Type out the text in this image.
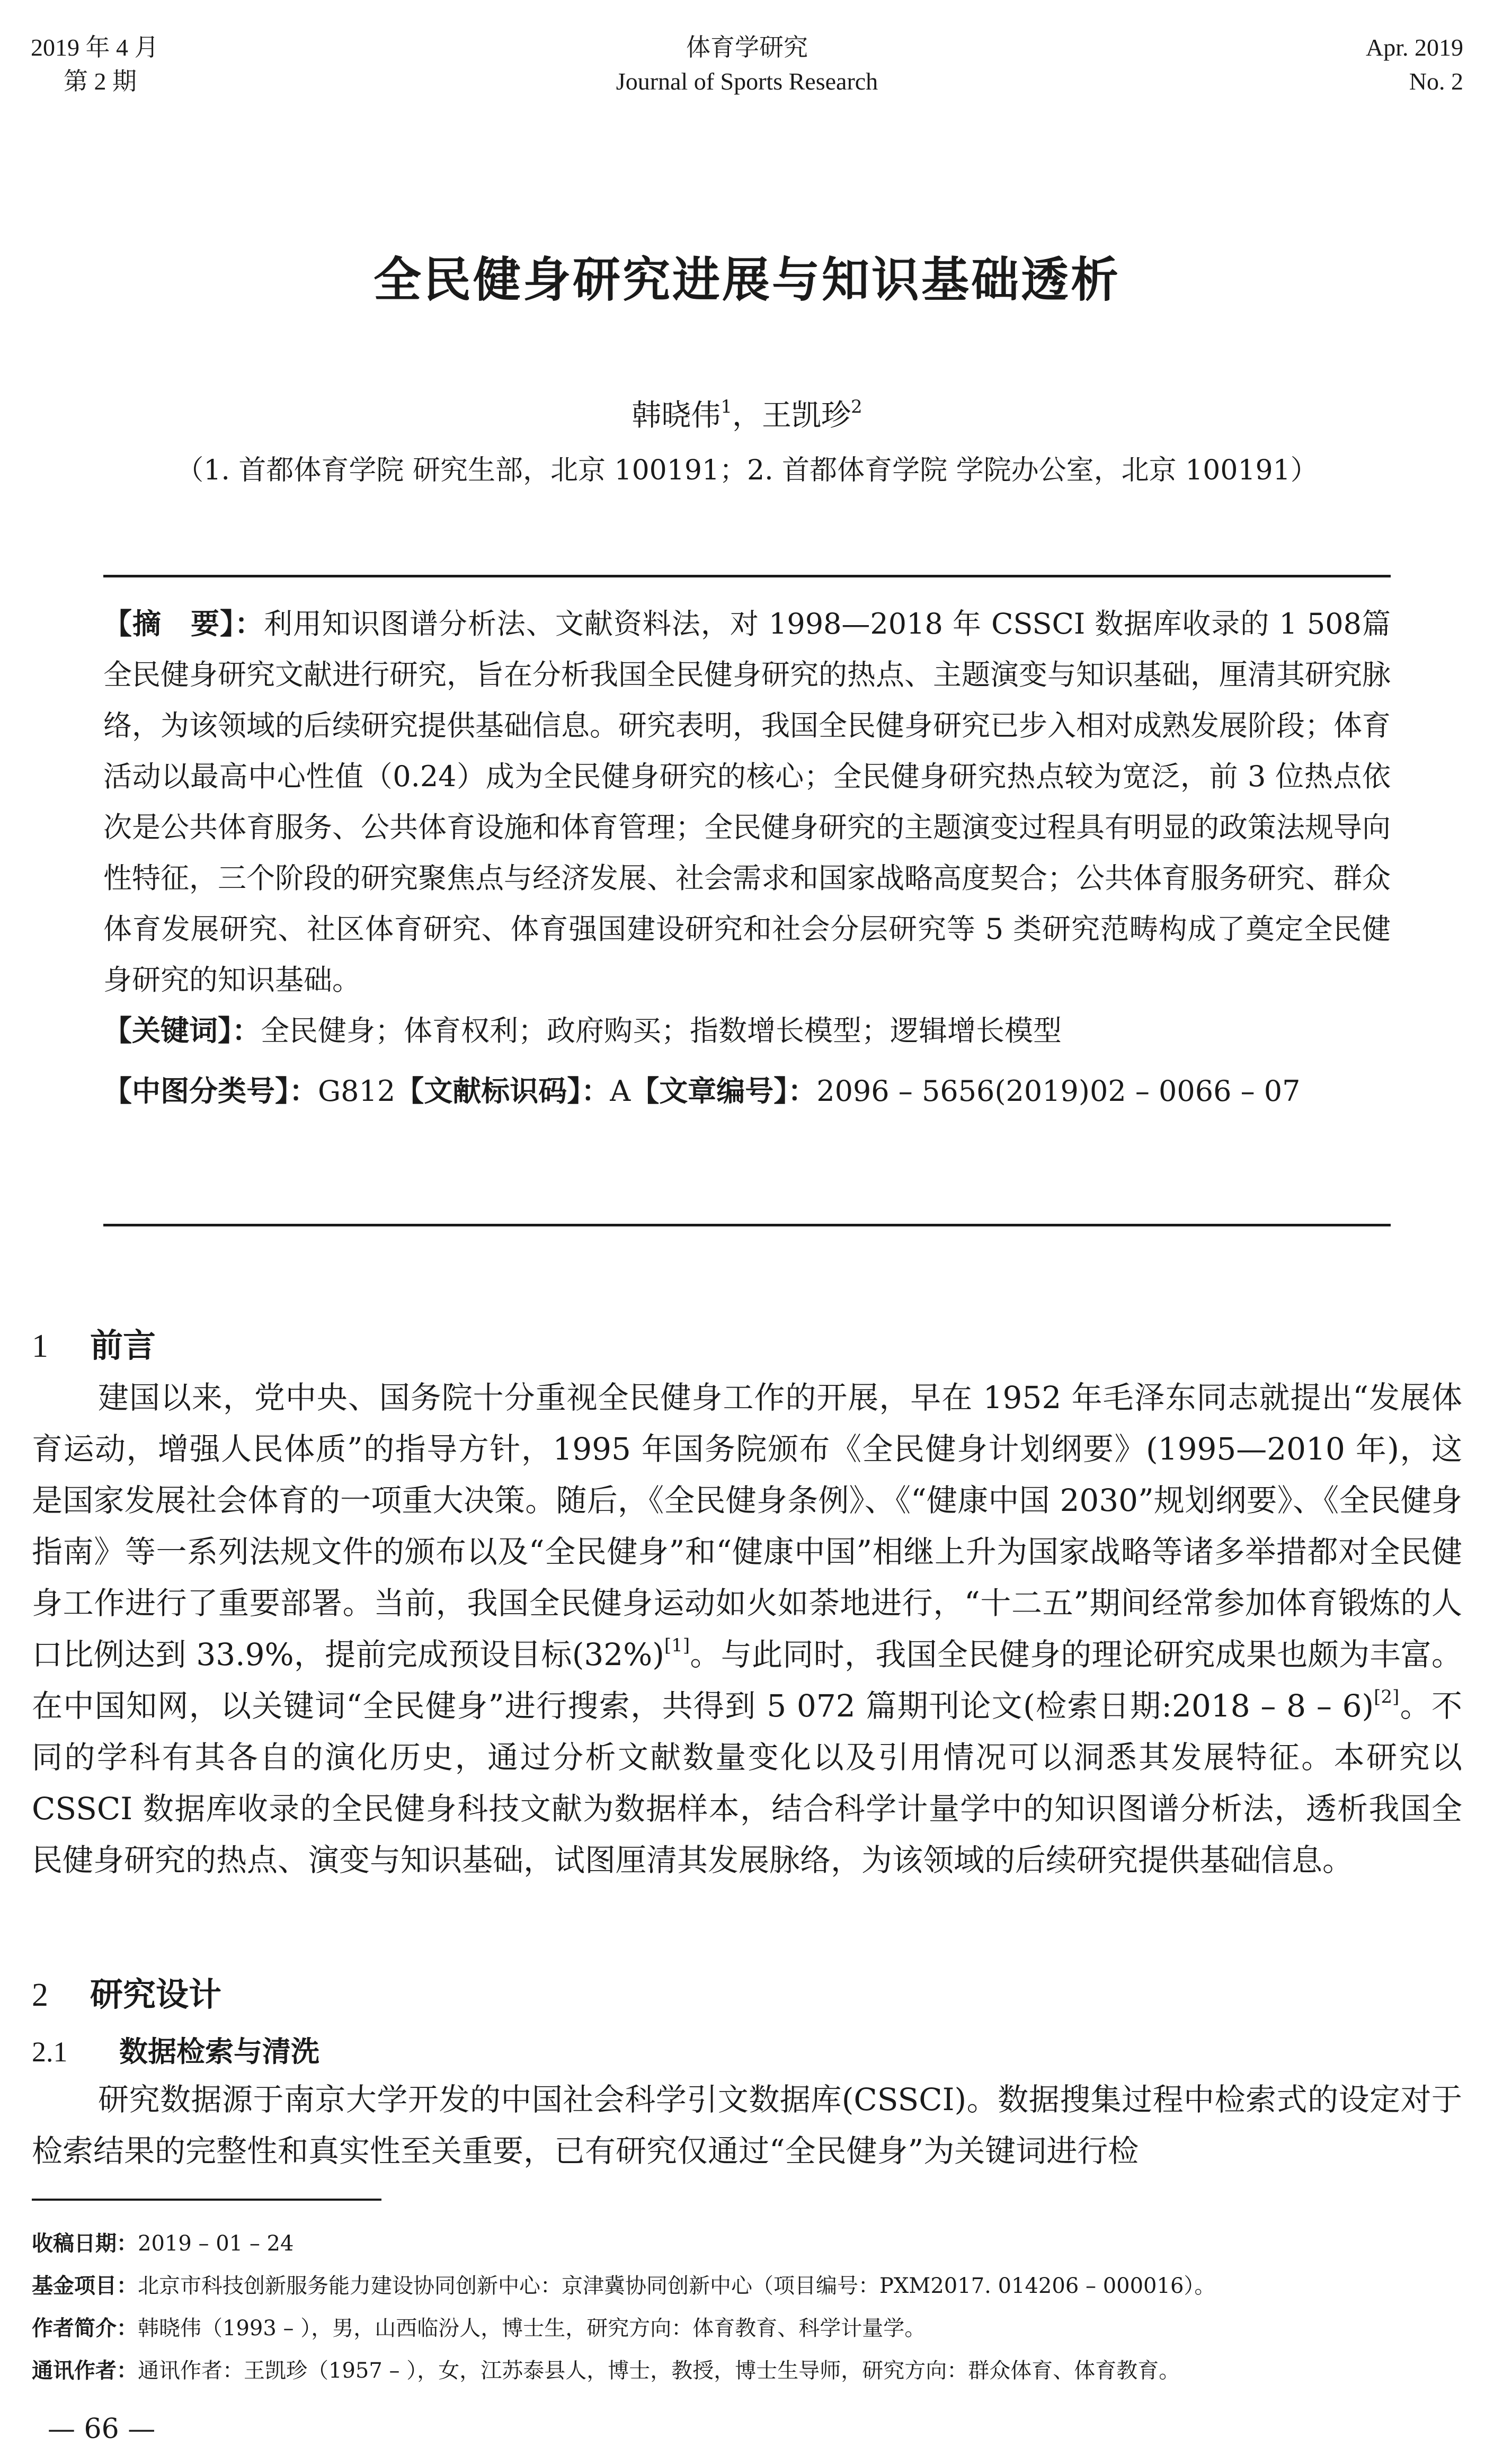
2019 年 4 月
第 2 期
体育学研究
Journal of Sports Research
Apr. 2019
No. 2
全民健身研究进展与知识基础透析
韩晓伟$^1$，王凯珍$^2$
（1. 首都体育学院 研究生部，北京 100191；2. 首都体育学院 学院办公室，北京 100191）

【摘　要】：利用知识图谱分析法、文献资料法，对 1998—2018 年 CSSCI 数据库收录的 1 508篇全民健身研究文献进行研究，旨在分析我国全民健身研究的热点、主题演变与知识基础，厘清其研究脉络，为该领域的后续研究提供基础信息。研究表明，我国全民健身研究已步入相对成熟发展阶段；体育活动以最高中心性值（0.24）成为全民健身研究的核心；全民健身研究热点较为宽泛，前 3 位热点依次是公共体育服务、公共体育设施和体育管理；全民健身研究的主题演变过程具有明显的政策法规导向性特征，三个阶段的研究聚焦点与经济发展、社会需求和国家战略高度契合；公共体育服务研究、群众体育发展研究、社区体育研究、体育强国建设研究和社会分层研究等 5 类研究范畴构成了奠定全民健身研究的知识基础。

【关键词】：全民健身；体育权利；政府购买；指数增长模型；逻辑增长模型

【中图分类号】：G812【文献标识码】：A【文章编号】：2096 – 5656(2019)02 – 0066 – 07

1 前言

建国以来，党中央、国务院十分重视全民健身工作的开展，早在 1952 年毛泽东同志就提出“发展体育运动，增强人民体质”的指导方针，1995 年国务院颁布《全民健身计划纲要》(1995—2010 年)，这是国家发展社会体育的一项重大决策。随后，《全民健身条例》、《“健康中国 2030”规划纲要》、《全民健身指南》等一系列法规文件的颁布以及“全民健身”和“健康中国”相继上升为国家战略等诸多举措都对全民健身工作进行了重要部署。当前，我国全民健身运动如火如荼地进行，“十二五”期间经常参加体育锻炼的人口比例达到 33.9%，提前完成预设目标(32%)[1]。与此同时，我国全民健身的理论研究成果也颇为丰富。在中国知网，以关键词“全民健身”进行搜索，共得到 5 072 篇期刊论文(检索日期:2018 – 8 – 6)[2]。不同的学科有其各自的演化历史，通过分析文献数量变化以及引用情况可以洞悉其发展特征。本研究以 CSSCI 数据库收录的全民健身科技文献为数据样本，结合科学计量学中的知识图谱分析法，透析我国全民健身研究的热点、演变与知识基础，试图厘清其发展脉络，为该领域的后续研究提供基础信息。

2 研究设计
2.1 数据检索与清洗

研究数据源于南京大学开发的中国社会科学引文数据库(CSSCI)。数据搜集过程中检索式的设定对于检索结果的完整性和真实性至关重要，已有研究仅通过“全民健身”为关键词进行检

收稿日期：2019 – 01 – 24
基金项目：北京市科技创新服务能力建设协同创新中心：京津冀协同创新中心（项目编号：PXM2017. 014206 – 000016）。
作者简介：韩晓伟（1993 – ），男，山西临汾人，博士生，研究方向：体育教育、科学计量学。
通讯作者：通讯作者：王凯珍（1957 – ），女，江苏泰县人，博士，教授，博士生导师，研究方向：群众体育、体育教育。
— 66 —
